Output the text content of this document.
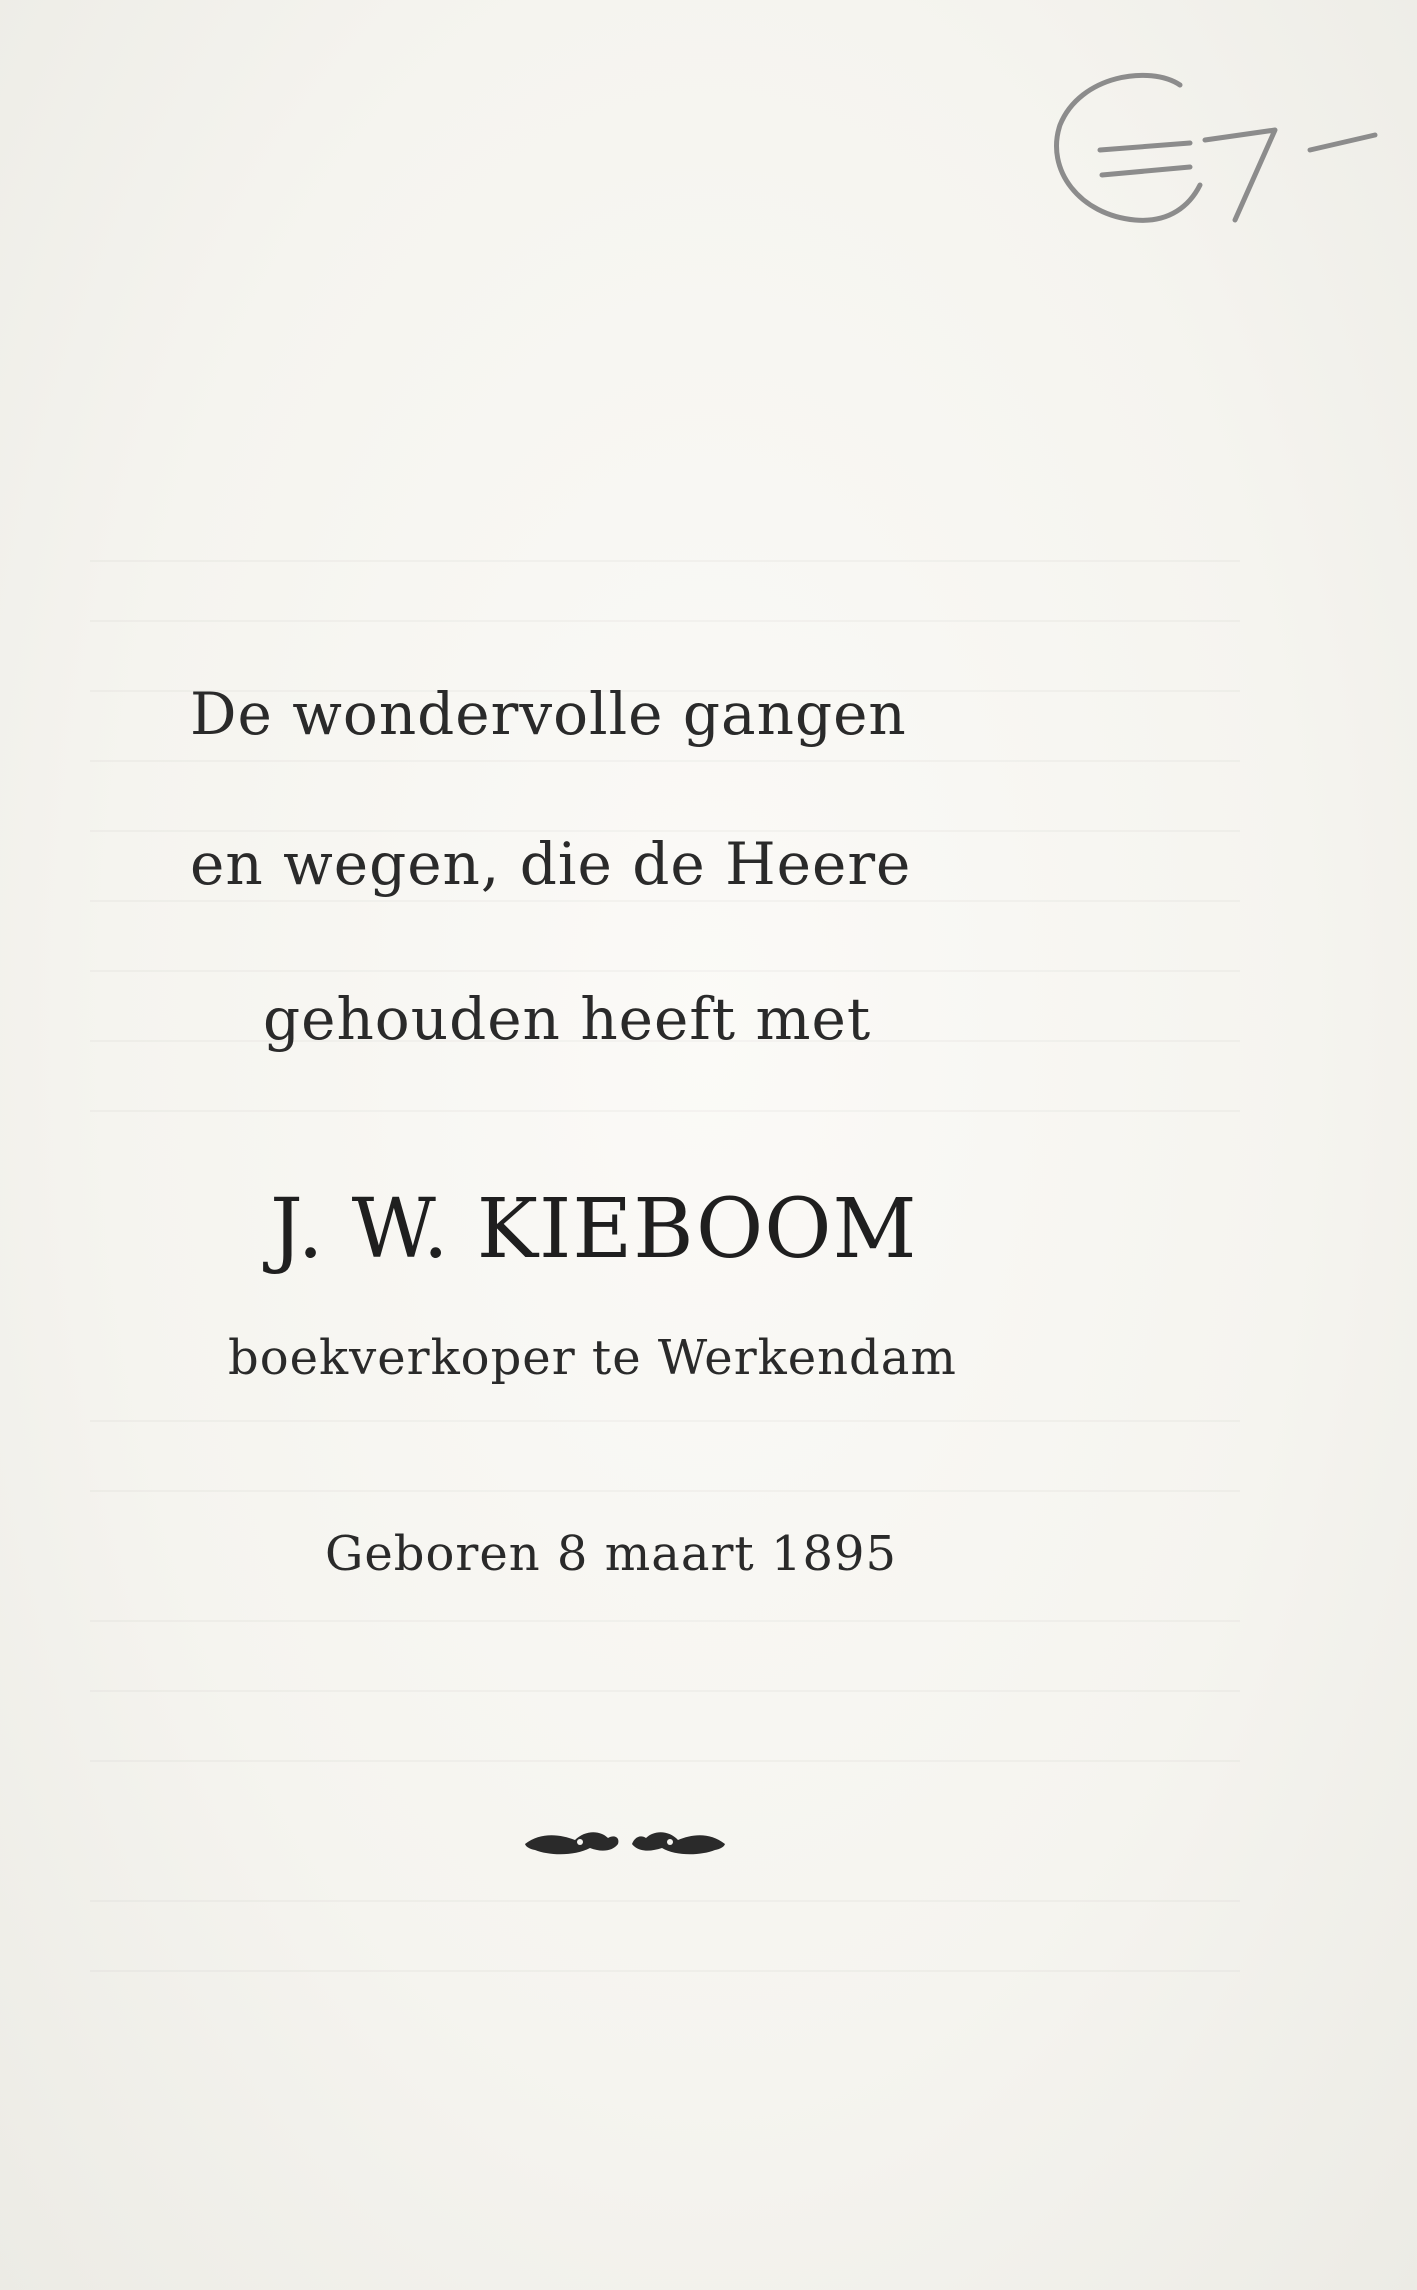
De wondervolle gangen
en wegen, die de Heere
gehouden heeft met
J. W. KIEBOOM
boekverkoper te Werkendam
Geboren 8 maart 1895
